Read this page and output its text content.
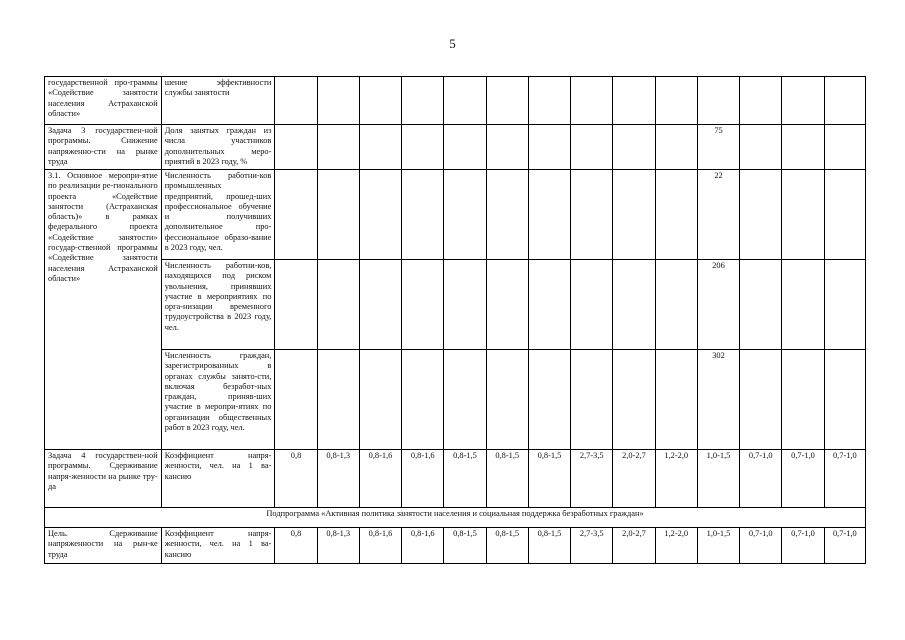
5
государственной про-граммы «Содействие занятости населения Астраханской области»	шение эффективности службы занятости														
Задача 3 государствен-ной программы. Снижение напряженно-сти на рынке труда	Доля занятых граждан из числа участников дополнительных меро-приятий в 2023 году, %											75			
3.1. Основное меропри-ятие по реализации ре-гионального проекта «Содействие занятости (Астраханская область)» в рамках федерального проекта «Содействие занятости» государ-ственной программы «Содействие занятости населения Астраханской области»	Численность работни-ков промышленных предприятий, прошед-ших профессиональное обучение и получивших дополнительное про-фессиональное образо-вание в 2023 году, чел.											22			
	Численность работни-ков, находящихся под риском увольнения, принявших участие в мероприятиях по орга-низации временного трудоустройства в 2023 году, чел.											206			
	Численность граждан, зарегистрированных в органах службы занято-сти, включая безработ-ных граждан, приняв-ших участие в меропри-ятиях по организации общественных работ в 2023 году, чел.											302			
Задача 4 государствен-ной программы. Сдерживание напря-женности на рынке тру-да	Коэффициент напря-женности, чел. на 1 ва-кансию	0,8	0,8-1,3	0,8-1,6	0,8-1,6	0,8-1,5	0,8-1,5	0,8-1,5	2,7-3,5	2,0-2,7	1,2-2,0	1,0-1,5	0,7-1,0	0,7-1,0	0,7-1,0
Подпрограмма «Активная политика занятости населения и социальная поддержка безработных граждан»															
Цель. Сдерживание напряженности на рын-ке труда	Коэффициент напря-женности, чел. на 1 ва-кансию	0,8	0,8-1,3	0,8-1,6	0,8-1,6	0,8-1,5	0,8-1,5	0,8-1,5	2,7-3,5	2,0-2,7	1,2-2,0	1,0-1,5	0,7-1,0	0,7-1,0	0,7-1,0
